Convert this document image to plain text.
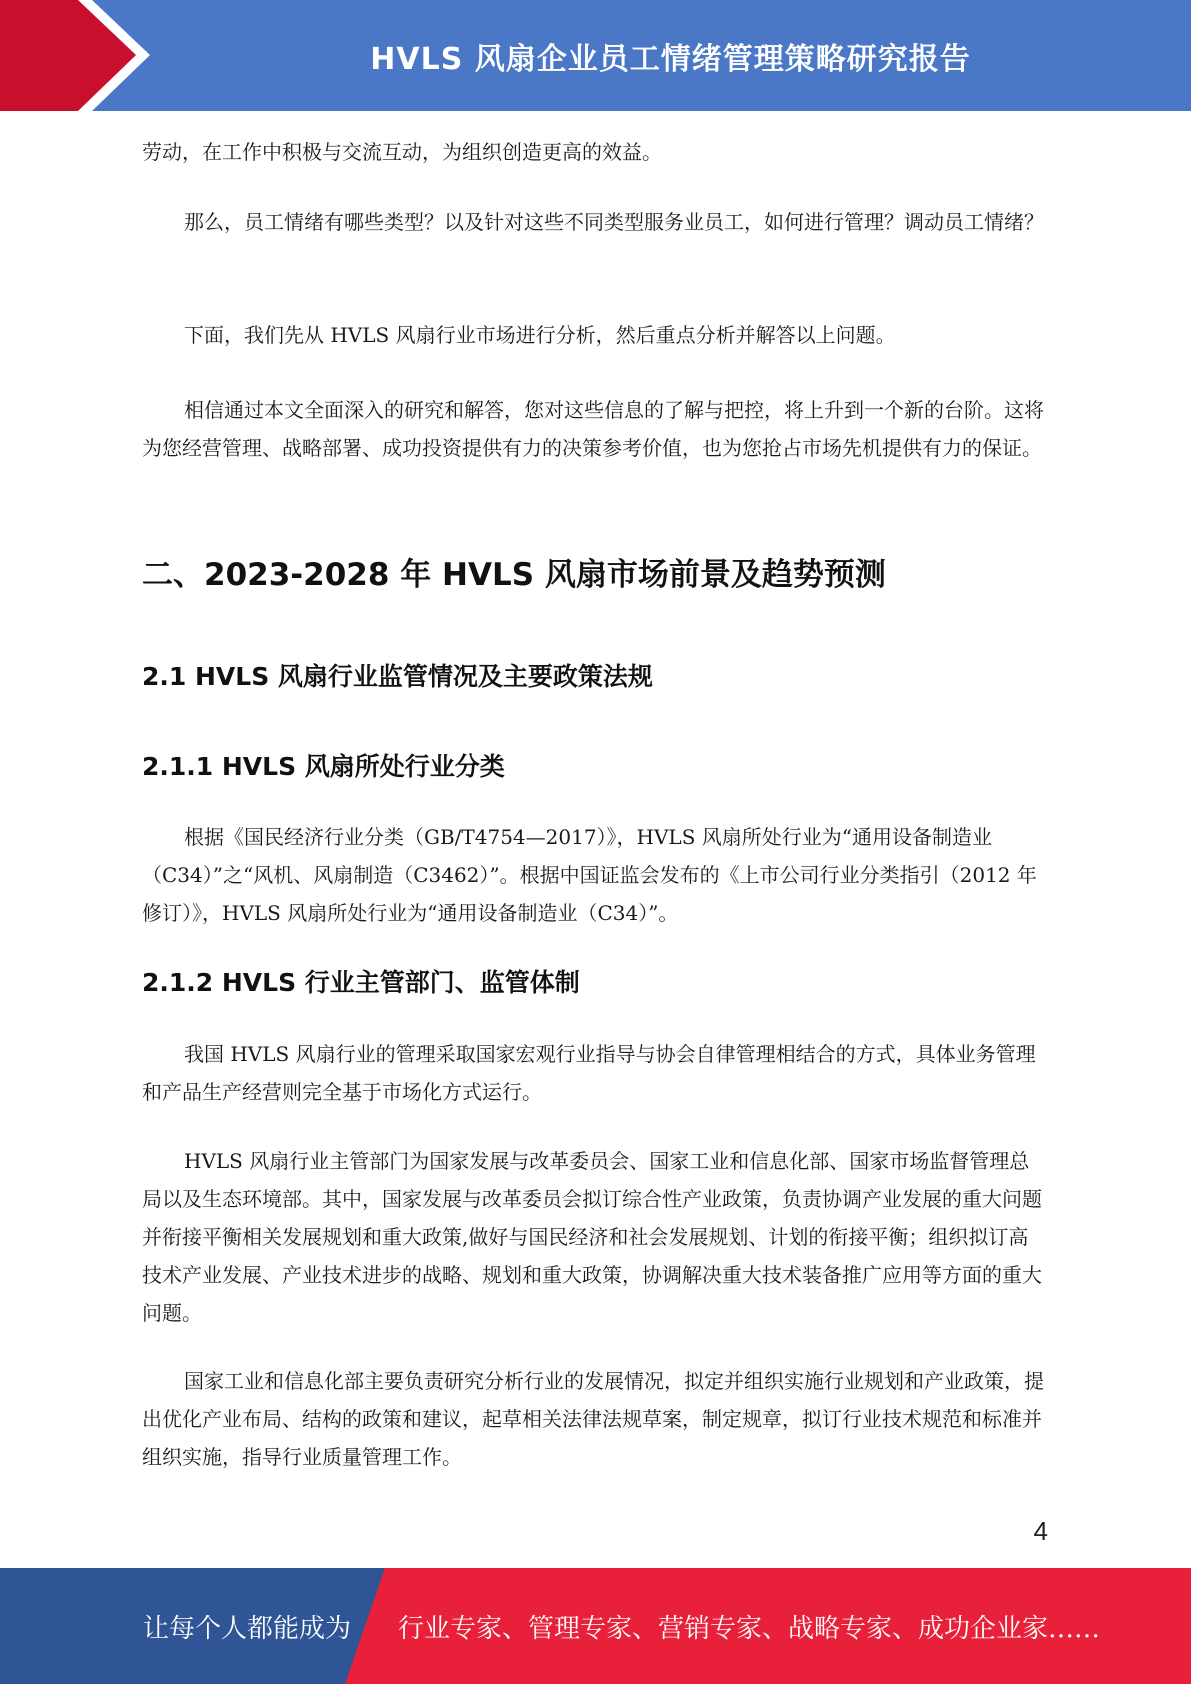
HVLS 风扇企业员工情绪管理策略研究报告

劳动，在工作中积极与交流互动，为组织创造更高的效益。

那么，员工情绪有哪些类型？以及针对这些不同类型服务业员工，如何进行管理？调动员工情绪？

下面，我们先从 HVLS 风扇行业市场进行分析，然后重点分析并解答以上问题。

相信通过本文全面深入的研究和解答，您对这些信息的了解与把控，将上升到一个新的台阶。这将为您经营管理、战略部署、成功投资提供有力的决策参考价值，也为您抢占市场先机提供有力的保证。

二、2023-2028 年 HVLS 风扇市场前景及趋势预测
2.1 HVLS 风扇行业监管情况及主要政策法规
2.1.1 HVLS 风扇所处行业分类

根据《国民经济行业分类（GB/T4754—2017）》，HVLS 风扇所处行业为“通用设备制造业（C34）”之“风机、风扇制造（C3462）”。根据中国证监会发布的《上市公司行业分类指引（2012 年修订）》，HVLS 风扇所处行业为“通用设备制造业（C34）”。

2.1.2 HVLS 行业主管部门、监管体制

我国 HVLS 风扇行业的管理采取国家宏观行业指导与协会自律管理相结合的方式，具体业务管理和产品生产经营则完全基于市场化方式运行。

HVLS 风扇行业主管部门为国家发展与改革委员会、国家工业和信息化部、国家市场监督管理总局以及生态环境部。其中，国家发展与改革委员会拟订综合性产业政策，负责协调产业发展的重大问题并衔接平衡相关发展规划和重大政策,做好与国民经济和社会发展规划、计划的衔接平衡；组织拟订高技术产业发展、产业技术进步的战略、规划和重大政策，协调解决重大技术装备推广应用等方面的重大问题。

国家工业和信息化部主要负责研究分析行业的发展情况，拟定并组织实施行业规划和产业政策，提出优化产业布局、结构的政策和建议，起草相关法律法规草案，制定规章，拟订行业技术规范和标准并组织实施，指导行业质量管理工作。

4
让每个人都能成为 行业专家、管理专家、营销专家、战略专家、成功企业家……
